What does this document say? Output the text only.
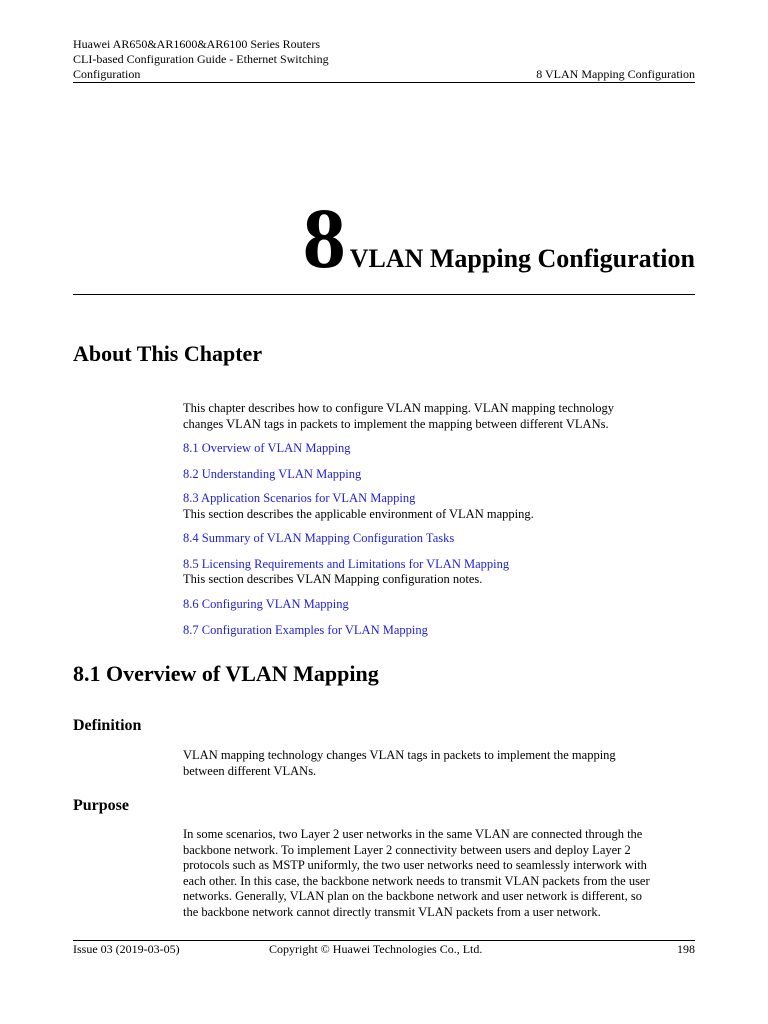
Huawei AR650&AR1600&AR6100 Series Routers
CLI-based Configuration Guide - Ethernet Switching
Configuration	8 VLAN Mapping Configuration
8 VLAN Mapping Configuration
About This Chapter
This chapter describes how to configure VLAN mapping. VLAN mapping technology
changes VLAN tags in packets to implement the mapping between different VLANs.
8.1 Overview of VLAN Mapping
8.2 Understanding VLAN Mapping
8.3 Application Scenarios for VLAN Mapping
This section describes the applicable environment of VLAN mapping.
8.4 Summary of VLAN Mapping Configuration Tasks
8.5 Licensing Requirements and Limitations for VLAN Mapping
This section describes VLAN Mapping configuration notes.
8.6 Configuring VLAN Mapping
8.7 Configuration Examples for VLAN Mapping
8.1 Overview of VLAN Mapping
Definition
VLAN mapping technology changes VLAN tags in packets to implement the mapping
between different VLANs.
Purpose
In some scenarios, two Layer 2 user networks in the same VLAN are connected through the
backbone network. To implement Layer 2 connectivity between users and deploy Layer 2
protocols such as MSTP uniformly, the two user networks need to seamlessly interwork with
each other. In this case, the backbone network needs to transmit VLAN packets from the user
networks. Generally, VLAN plan on the backbone network and user network is different, so
the backbone network cannot directly transmit VLAN packets from a user network.
Issue 03 (2019-03-05)	Copyright © Huawei Technologies Co., Ltd.	198
